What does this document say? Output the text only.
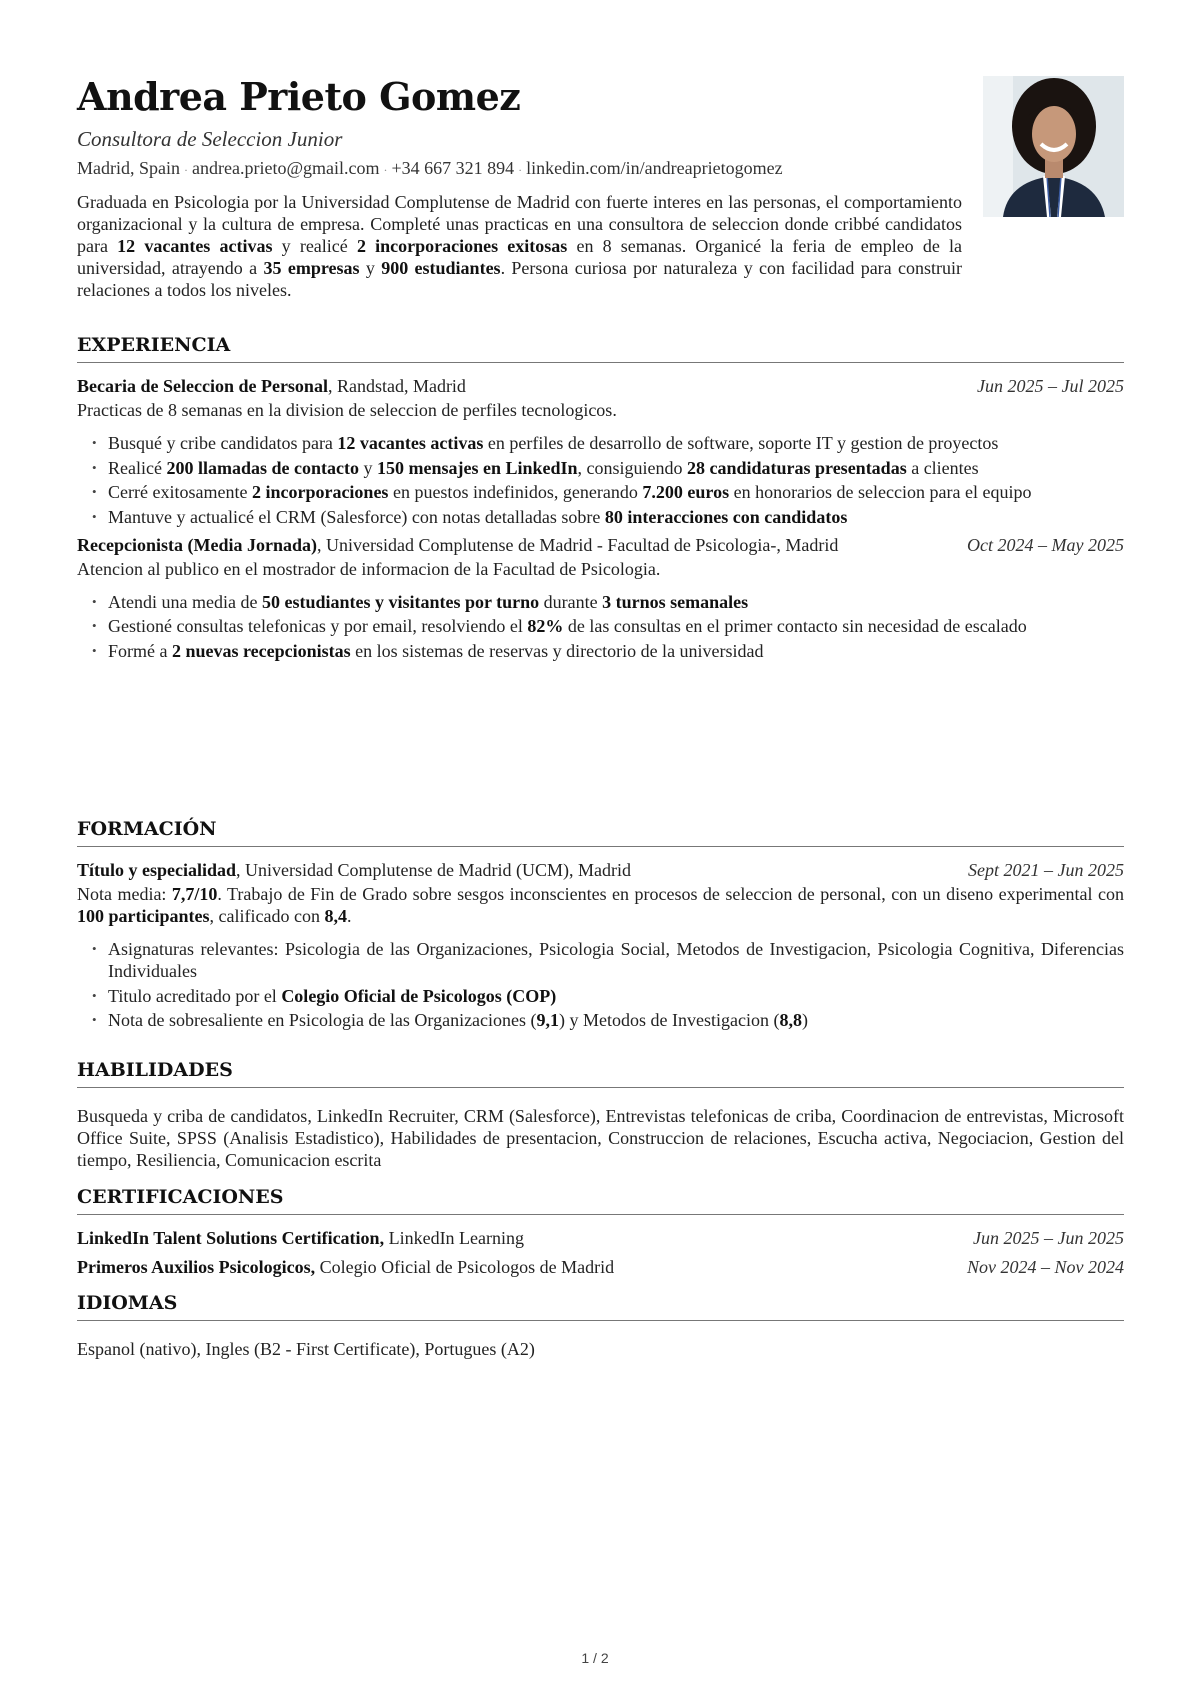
Andrea Prieto Gomez
Consultora de Seleccion Junior
Madrid, Spain · andrea.prieto@gmail.com · +34 667 321 894 · linkedin.com/in/andreaprietogomez
Graduada en Psicologia por la Universidad Complutense de Madrid con fuerte interes en las personas, el comportamiento organizacional y la cultura de empresa. Completé unas practicas en una consultora de seleccion donde cribbé candidatos para 12 vacantes activas y realicé 2 incorporaciones exitosas en 8 semanas. Organicé la feria de empleo de la universidad, atrayendo a 35 empresas y 900 estudiantes. Persona curiosa por naturaleza y con facilidad para construir relaciones a todos los niveles.
EXPERIENCIA
Becaria de Seleccion de Personal, Randstad, Madrid	Jun 2025 – Jul 2025
Practicas de 8 semanas en la division de seleccion de perfiles tecnologicos.
• Busqué y cribe candidatos para 12 vacantes activas en perfiles de desarrollo de software, soporte IT y gestion de proyectos
• Realicé 200 llamadas de contacto y 150 mensajes en LinkedIn, consiguiendo 28 candidaturas presentadas a clientes
• Cerré exitosamente 2 incorporaciones en puestos indefinidos, generando 7.200 euros en honorarios de seleccion para el equipo
• Mantuve y actualicé el CRM (Salesforce) con notas detalladas sobre 80 interacciones con candidatos
Recepcionista (Media Jornada), Universidad Complutense de Madrid - Facultad de Psicologia-, Madrid	Oct 2024 – May 2025
Atencion al publico en el mostrador de informacion de la Facultad de Psicologia.
• Atendi una media de 50 estudiantes y visitantes por turno durante 3 turnos semanales
• Gestioné consultas telefonicas y por email, resolviendo el 82% de las consultas en el primer contacto sin necesidad de escalado
• Formé a 2 nuevas recepcionistas en los sistemas de reservas y directorio de la universidad
FORMACIÓN
Título y especialidad, Universidad Complutense de Madrid (UCM), Madrid	Sept 2021 – Jun 2025
Nota media: 7,7/10. Trabajo de Fin de Grado sobre sesgos inconscientes en procesos de seleccion de personal, con un diseno experimental con 100 participantes, calificado con 8,4.
• Asignaturas relevantes: Psicologia de las Organizaciones, Psicologia Social, Metodos de Investigacion, Psicologia Cognitiva, Diferencias Individuales
• Titulo acreditado por el Colegio Oficial de Psicologos (COP)
• Nota de sobresaliente en Psicologia de las Organizaciones (9,1) y Metodos de Investigacion (8,8)
HABILIDADES
Busqueda y criba de candidatos, LinkedIn Recruiter, CRM (Salesforce), Entrevistas telefonicas de criba, Coordinacion de entrevistas, Microsoft Office Suite, SPSS (Analisis Estadistico), Habilidades de presentacion, Construccion de relaciones, Escucha activa, Negociacion, Gestion del tiempo, Resiliencia, Comunicacion escrita
CERTIFICACIONES
LinkedIn Talent Solutions Certification, LinkedIn Learning	Jun 2025 – Jun 2025
Primeros Auxilios Psicologicos, Colegio Oficial de Psicologos de Madrid	Nov 2024 – Nov 2024
IDIOMAS
Espanol (nativo), Ingles (B2 - First Certificate), Portugues (A2)
1 / 2
